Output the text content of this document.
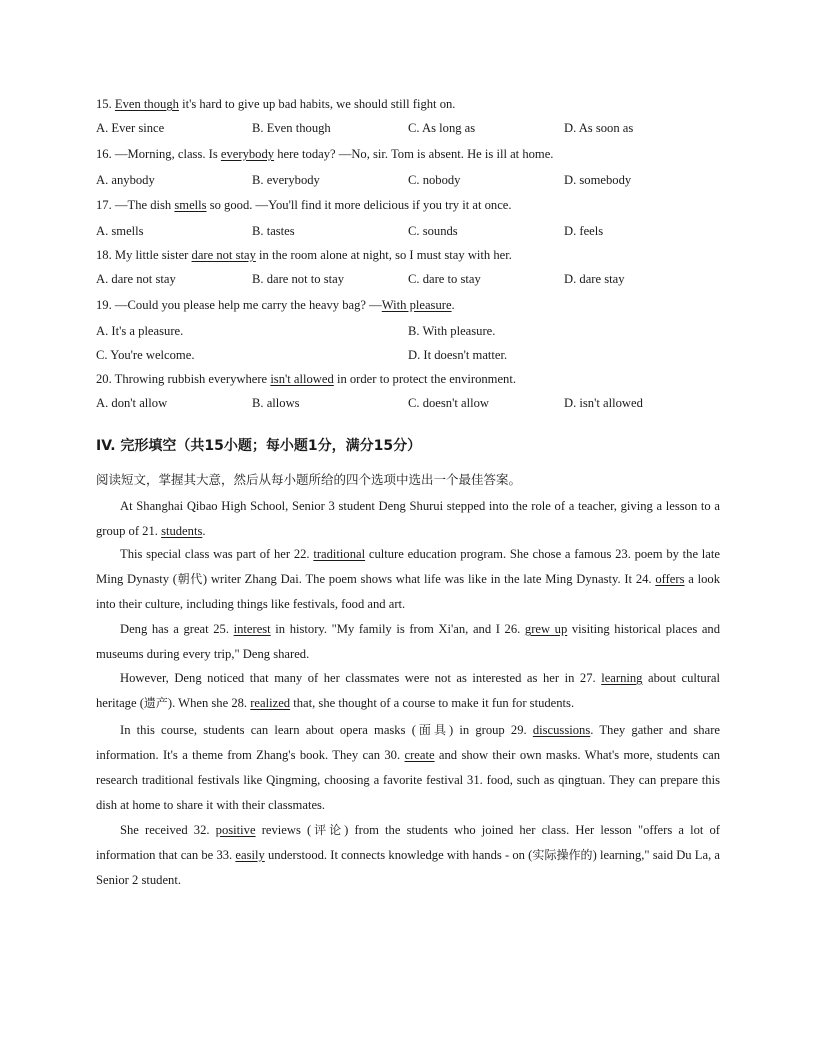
15. Even though it's hard to give up bad habits, we should still fight on.
A. Ever since	B. Even though	C. As long as	D. As soon as
16. —Morning, class. Is everybody here today? —No, sir. Tom is absent. He is ill at home.
A. anybody	B. everybody	C. nobody	D. somebody
17. —The dish smells so good. —You'll find it more delicious if you try it at once.
A. smells	B. tastes	C. sounds	D. feels
18. My little sister dare not stay in the room alone at night, so I must stay with her.
A. dare not stay	B. dare not to stay	C. dare to stay	D. dare stay
19. —Could you please help me carry the heavy bag? —With pleasure.
A. It's a pleasure.	B. With pleasure.
C. You're welcome.	D. It doesn't matter.
20. Throwing rubbish everywhere isn't allowed in order to protect the environment.
A. don't allow	B. allows	C. doesn't allow	D. isn't allowed
IV. 完形填空（共15小题；每小题1分，满分15分）
阅读短文，掌握其大意，然后从每小题所给的四个选项中选出一个最佳答案。
At Shanghai Qibao High School, Senior 3 student Deng Shurui stepped into the role of a teacher, giving a lesson to a group of 21. students.
This special class was part of her 22. traditional culture education program. She chose a famous 23. poem by the late Ming Dynasty (朝代) writer Zhang Dai. The poem shows what life was like in the late Ming Dynasty. It 24. offers a look into their culture, including things like festivals, food and art.
Deng has a great 25. interest in history. "My family is from Xi'an, and I 26. grew up visiting historical places and museums during every trip," Deng shared.
However, Deng noticed that many of her classmates were not as interested as her in 27. learning about cultural heritage (遗产). When she 28. realized that, she thought of a course to make it fun for students.
In this course, students can learn about opera masks (面具) in group 29. discussions. They gather and share information. It's a theme from Zhang's book. They can 30. create and show their own masks. What's more, students can research traditional festivals like Qingming, choosing a favorite festival 31. food, such as qingtuan. They can prepare this dish at home to share it with their classmates.
She received 32. positive reviews (评论) from the students who joined her class. Her lesson "offers a lot of information that can be 33. easily understood. It connects knowledge with hands - on (实际操作的) learning," said Du La, a Senior 2 student.
